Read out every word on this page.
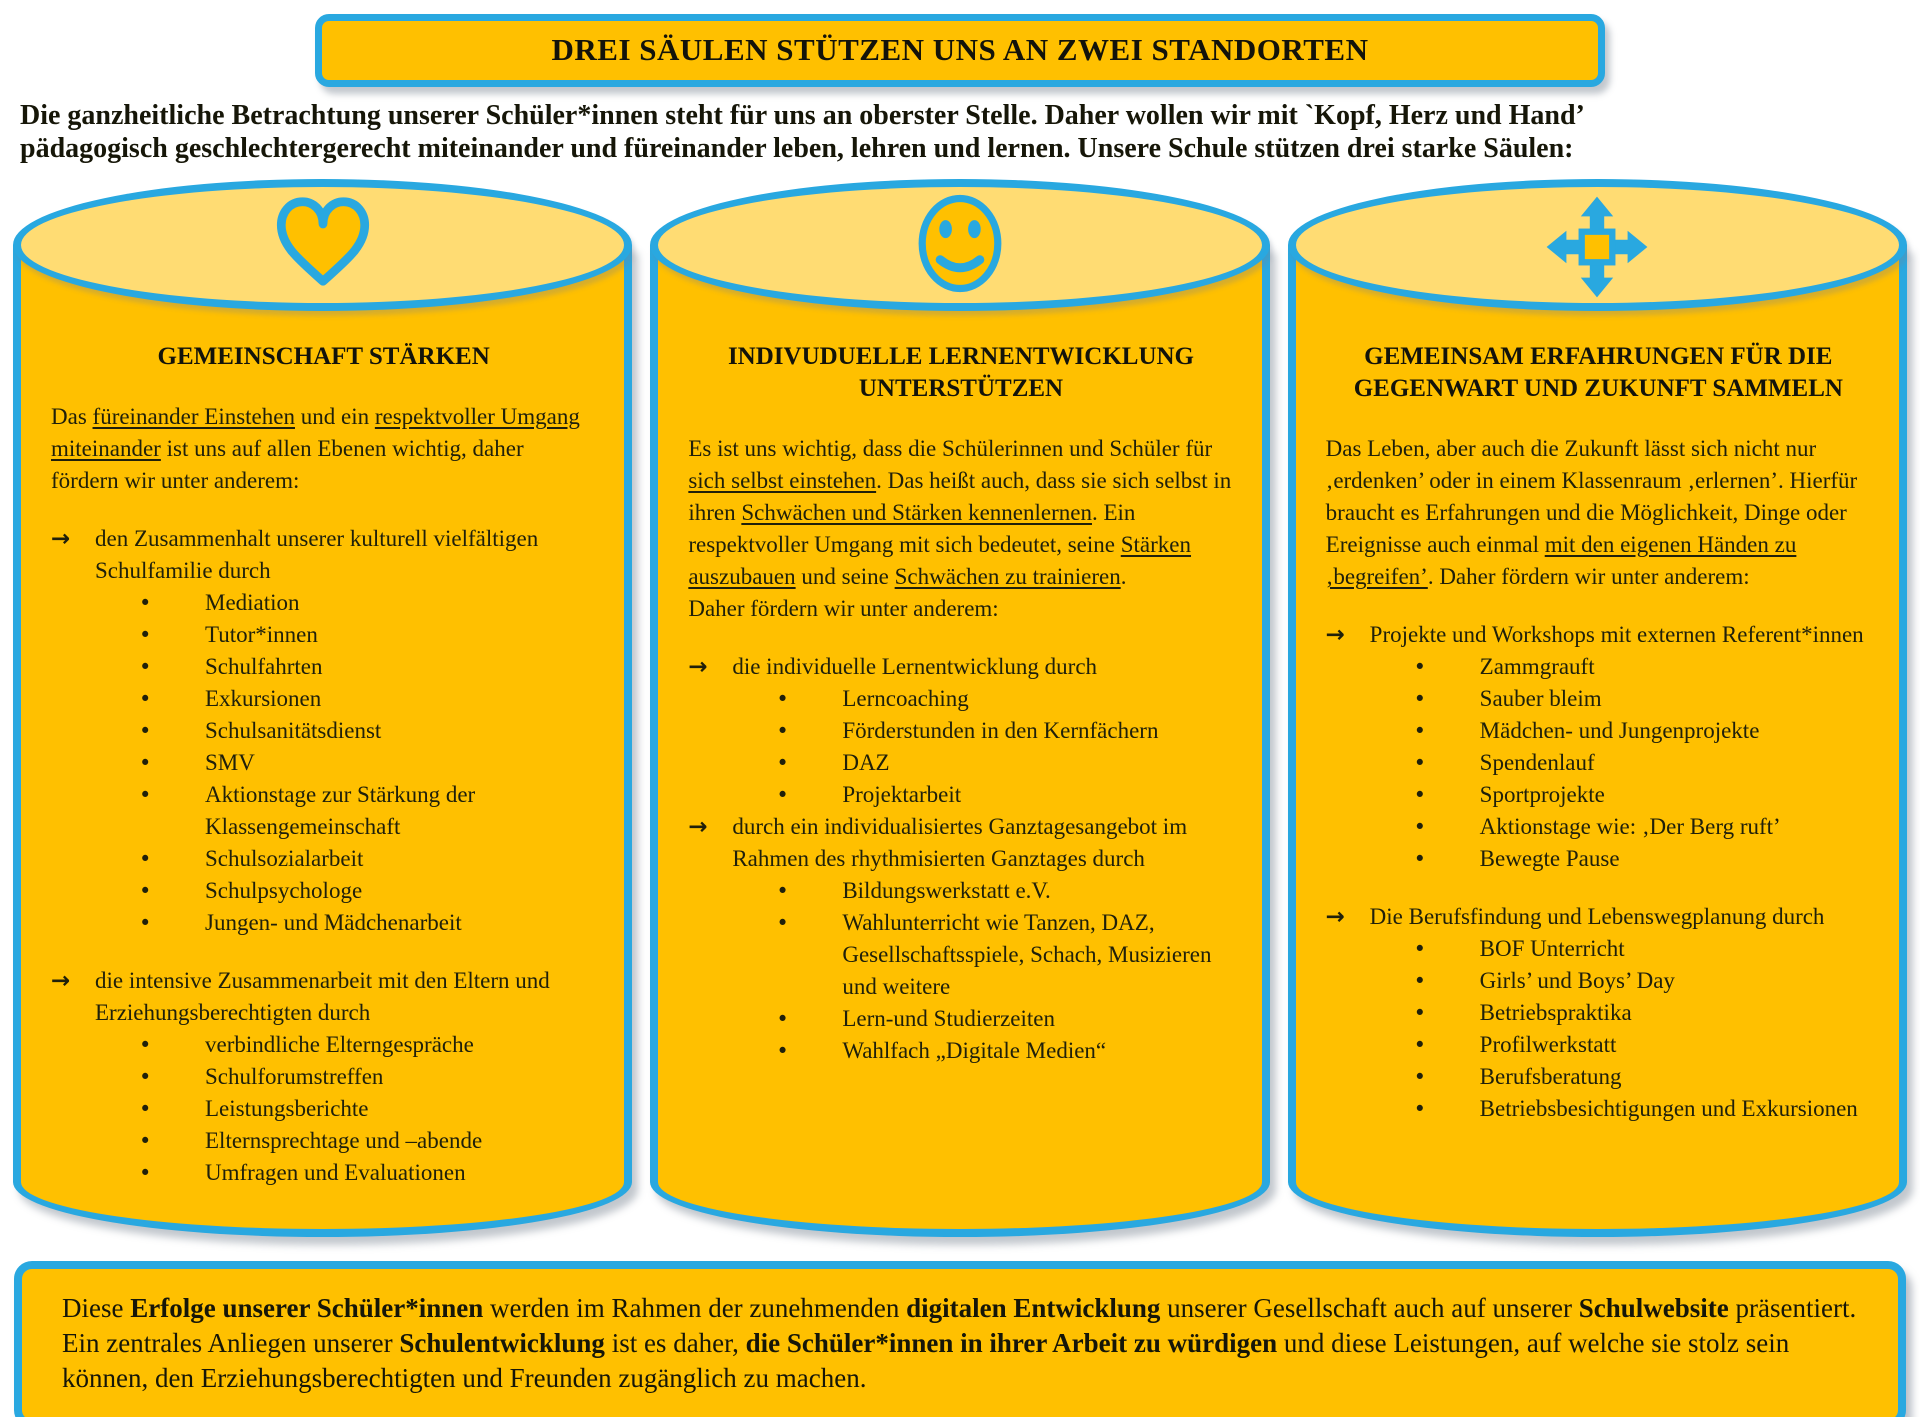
DREI SÄULEN STÜTZEN UNS AN ZWEI STANDORTEN

Die ganzheitliche Betrachtung unserer Schüler*innen steht für uns an oberster Stelle. Daher wollen wir mit `Kopf, Herz und Hand’ pädagogisch geschlechtergerecht miteinander und füreinander leben, lehren und lernen. Unsere Schule stützen drei starke Säulen:

GEMEINSCHAFT STÄRKEN

Das füreinander Einstehen und ein respektvoller Umgang miteinander ist uns auf allen Ebenen wichtig, daher fördern wir unter anderem:

→ den Zusammenhalt unserer kulturell vielfältigen Schulfamilie durch
• Mediation
• Tutor*innen
• Schulfahrten
• Exkursionen
• Schulsanitätsdienst
• SMV
• Aktionstage zur Stärkung der Klassengemeinschaft
• Schulsozialarbeit
• Schulpsychologe
• Jungen- und Mädchenarbeit
→ die intensive Zusammenarbeit mit den Eltern und Erziehungsberechtigten durch
• verbindliche Elterngespräche
• Schulforumstreffen
• Leistungsberichte
• Elternsprechtage und –abende
• Umfragen und Evaluationen
INDIVUDUELLE LERNENTWICKLUNG UNTERSTÜTZEN

Es ist uns wichtig, dass die Schülerinnen und Schüler für sich selbst einstehen. Das heißt auch, dass sie sich selbst in ihren Schwächen und Stärken kennenlernen. Ein respektvoller Umgang mit sich bedeutet, seine Stärken auszubauen und seine Schwächen zu trainieren.

Daher fördern wir unter anderem:

→ die individuelle Lernentwicklung durch
• Lerncoaching
• Förderstunden in den Kernfächern
• DAZ
• Projektarbeit
→ durch ein individualisiertes Ganztagesangebot im Rahmen des rhythmisierten Ganztages durch
• Bildungswerkstatt e.V.
• Wahlunterricht wie Tanzen, DAZ, Gesellschaftsspiele, Schach, Musizieren und weitere
• Lern-und Studierzeiten
• Wahlfach „Digitale Medien“
GEMEINSAM ERFAHRUNGEN FÜR DIE GEGENWART UND ZUKUNFT SAMMELN

Das Leben, aber auch die Zukunft lässt sich nicht nur ‚erdenken’ oder in einem Klassenraum ‚erlernen’. Hierfür braucht es Erfahrungen und die Möglichkeit, Dinge oder Ereignisse auch einmal mit den eigenen Händen zu ‚begreifen’. Daher fördern wir unter anderem:

→ Projekte und Workshops mit externen Referent*innen
• Zammgrauft
• Sauber bleim
• Mädchen- und Jungenprojekte
• Spendenlauf
• Sportprojekte
• Aktionstage wie: ‚Der Berg ruft’
• Bewegte Pause
→ Die Berufsfindung und Lebenswegplanung durch
• BOF Unterricht
• Girls’ und Boys’ Day
• Betriebspraktika
• Profilwerkstatt
• Berufsberatung
• Betriebsbesichtigungen und Exkursionen
Diese Erfolge unserer Schüler*innen werden im Rahmen der zunehmenden digitalen Entwicklung unserer Gesellschaft auch auf unserer Schulwebsite präsentiert. Ein zentrales Anliegen unserer Schulentwicklung ist es daher, die Schüler*innen in ihrer Arbeit zu würdigen und diese Leistungen, auf welche sie stolz sein können, den Erziehungsberechtigten und Freunden zugänglich zu machen.
